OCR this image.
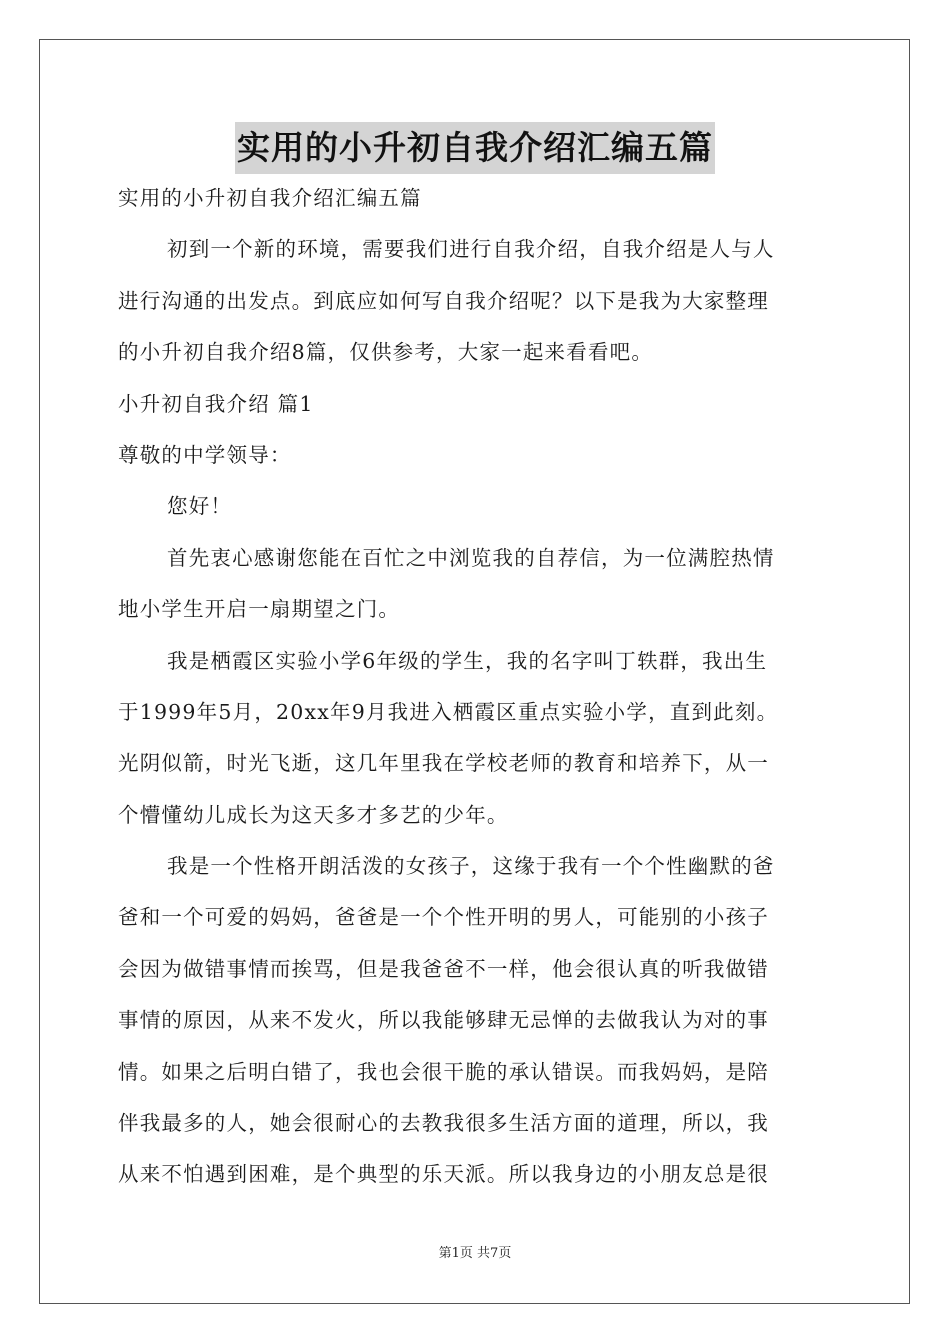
实用的小升初自我介绍汇编五篇
实用的小升初自我介绍汇编五篇
初到一个新的环境，需要我们进行自我介绍，自我介绍是人与人
进行沟通的出发点。到底应如何写自我介绍呢？以下是我为大家整理
的小升初自我介绍8篇，仅供参考，大家一起来看看吧。
小升初自我介绍 篇1
尊敬的中学领导：
您好！
首先衷心感谢您能在百忙之中浏览我的自荐信，为一位满腔热情
地小学生开启一扇期望之门。
我是栖霞区实验小学6年级的学生，我的名字叫丁轶群，我出生
于1999年5月，20xx年9月我进入栖霞区重点实验小学，直到此刻。
光阴似箭，时光飞逝，这几年里我在学校老师的教育和培养下，从一
个懵懂幼儿成长为这天多才多艺的少年。
我是一个性格开朗活泼的女孩子，这缘于我有一个个性幽默的爸
爸和一个可爱的妈妈，爸爸是一个个性开明的男人，可能别的小孩子
会因为做错事情而挨骂，但是我爸爸不一样，他会很认真的听我做错
事情的原因，从来不发火，所以我能够肆无忌惮的去做我认为对的事
情。如果之后明白错了，我也会很干脆的承认错误。而我妈妈，是陪
伴我最多的人，她会很耐心的去教我很多生活方面的道理，所以，我
从来不怕遇到困难，是个典型的乐天派。所以我身边的小朋友总是很
第1页 共7页
